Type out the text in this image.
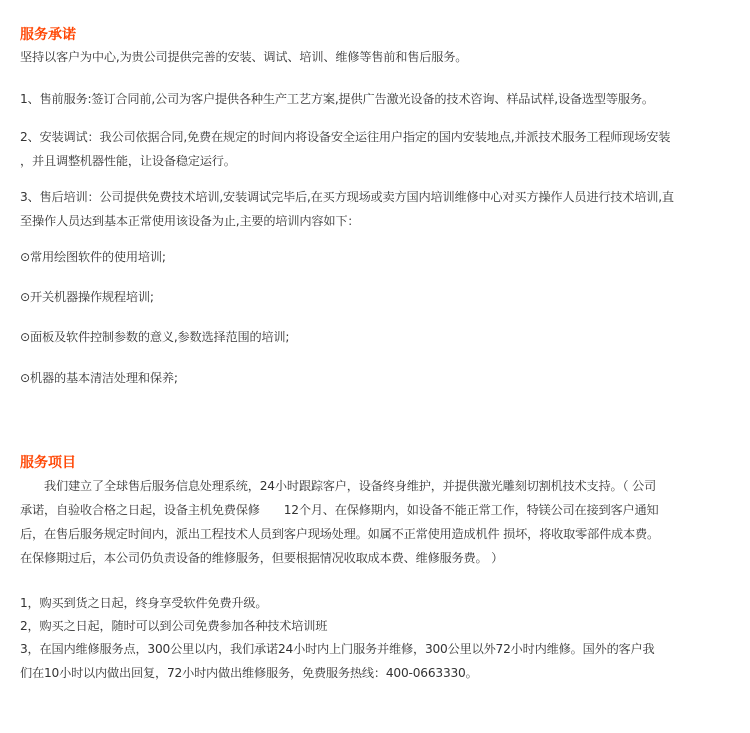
服务承诺

坚持以客户为中心,为贵公司提供完善的安装、调试、培训、维修等售前和售后服务。

1、售前服务:签订合同前,公司为客户提供各种生产工艺方案,提供广告激光设备的技术咨询、样品试样,设备选型等服务。

2、安装调试：我公司依据合同,免费在规定的时间内将设备安全运往用户指定的国内安装地点,并派技术服务工程师现场安装
，并且调整机器性能，让设备稳定运行。
3、售后培训：公司提供免费技术培训,安装调试完毕后,在买方现场或卖方国内培训维修中心对买方操作人员进行技术培训,直
至操作人员达到基本正常使用该设备为止,主要的培训内容如下：

⊙常用绘图软件的使用培训;

⊙开关机器操作规程培训;

⊙面板及软件控制参数的意义,参数选择范围的培训;

⊙机器的基本清洁处理和保养;

服务项目
　　我们建立了全球售后服务信息处理系统，24小时跟踪客户，设备终身维护，并提供激光雕刻切割机技术支持。（ 公司
承诺，自验收合格之日起，设备主机免费保修　　12个月、在保修期内，如设备不能正常工作，特镁公司在接到客户通知
后，在售后服务规定时间内，派出工程技术人员到客户现场处理。如属不正常使用造成机件 损坏，将收取零部件成本费。
在保修期过后，本公司仍负责设备的维修服务，但要根据情况收取成本费、维修服务费。 ）

1，购买到货之日起，终身享受软件免费升级。

2，购买之日起，随时可以到公司免费参加各种技术培训班

3，在国内维修服务点，300公里以内，我们承诺24小时内上门服务并维修，300公里以外72小时内维修。国外的客户我
们在10小时以内做出回复，72小时内做出维修服务，免费服务热线：400-0663330。
